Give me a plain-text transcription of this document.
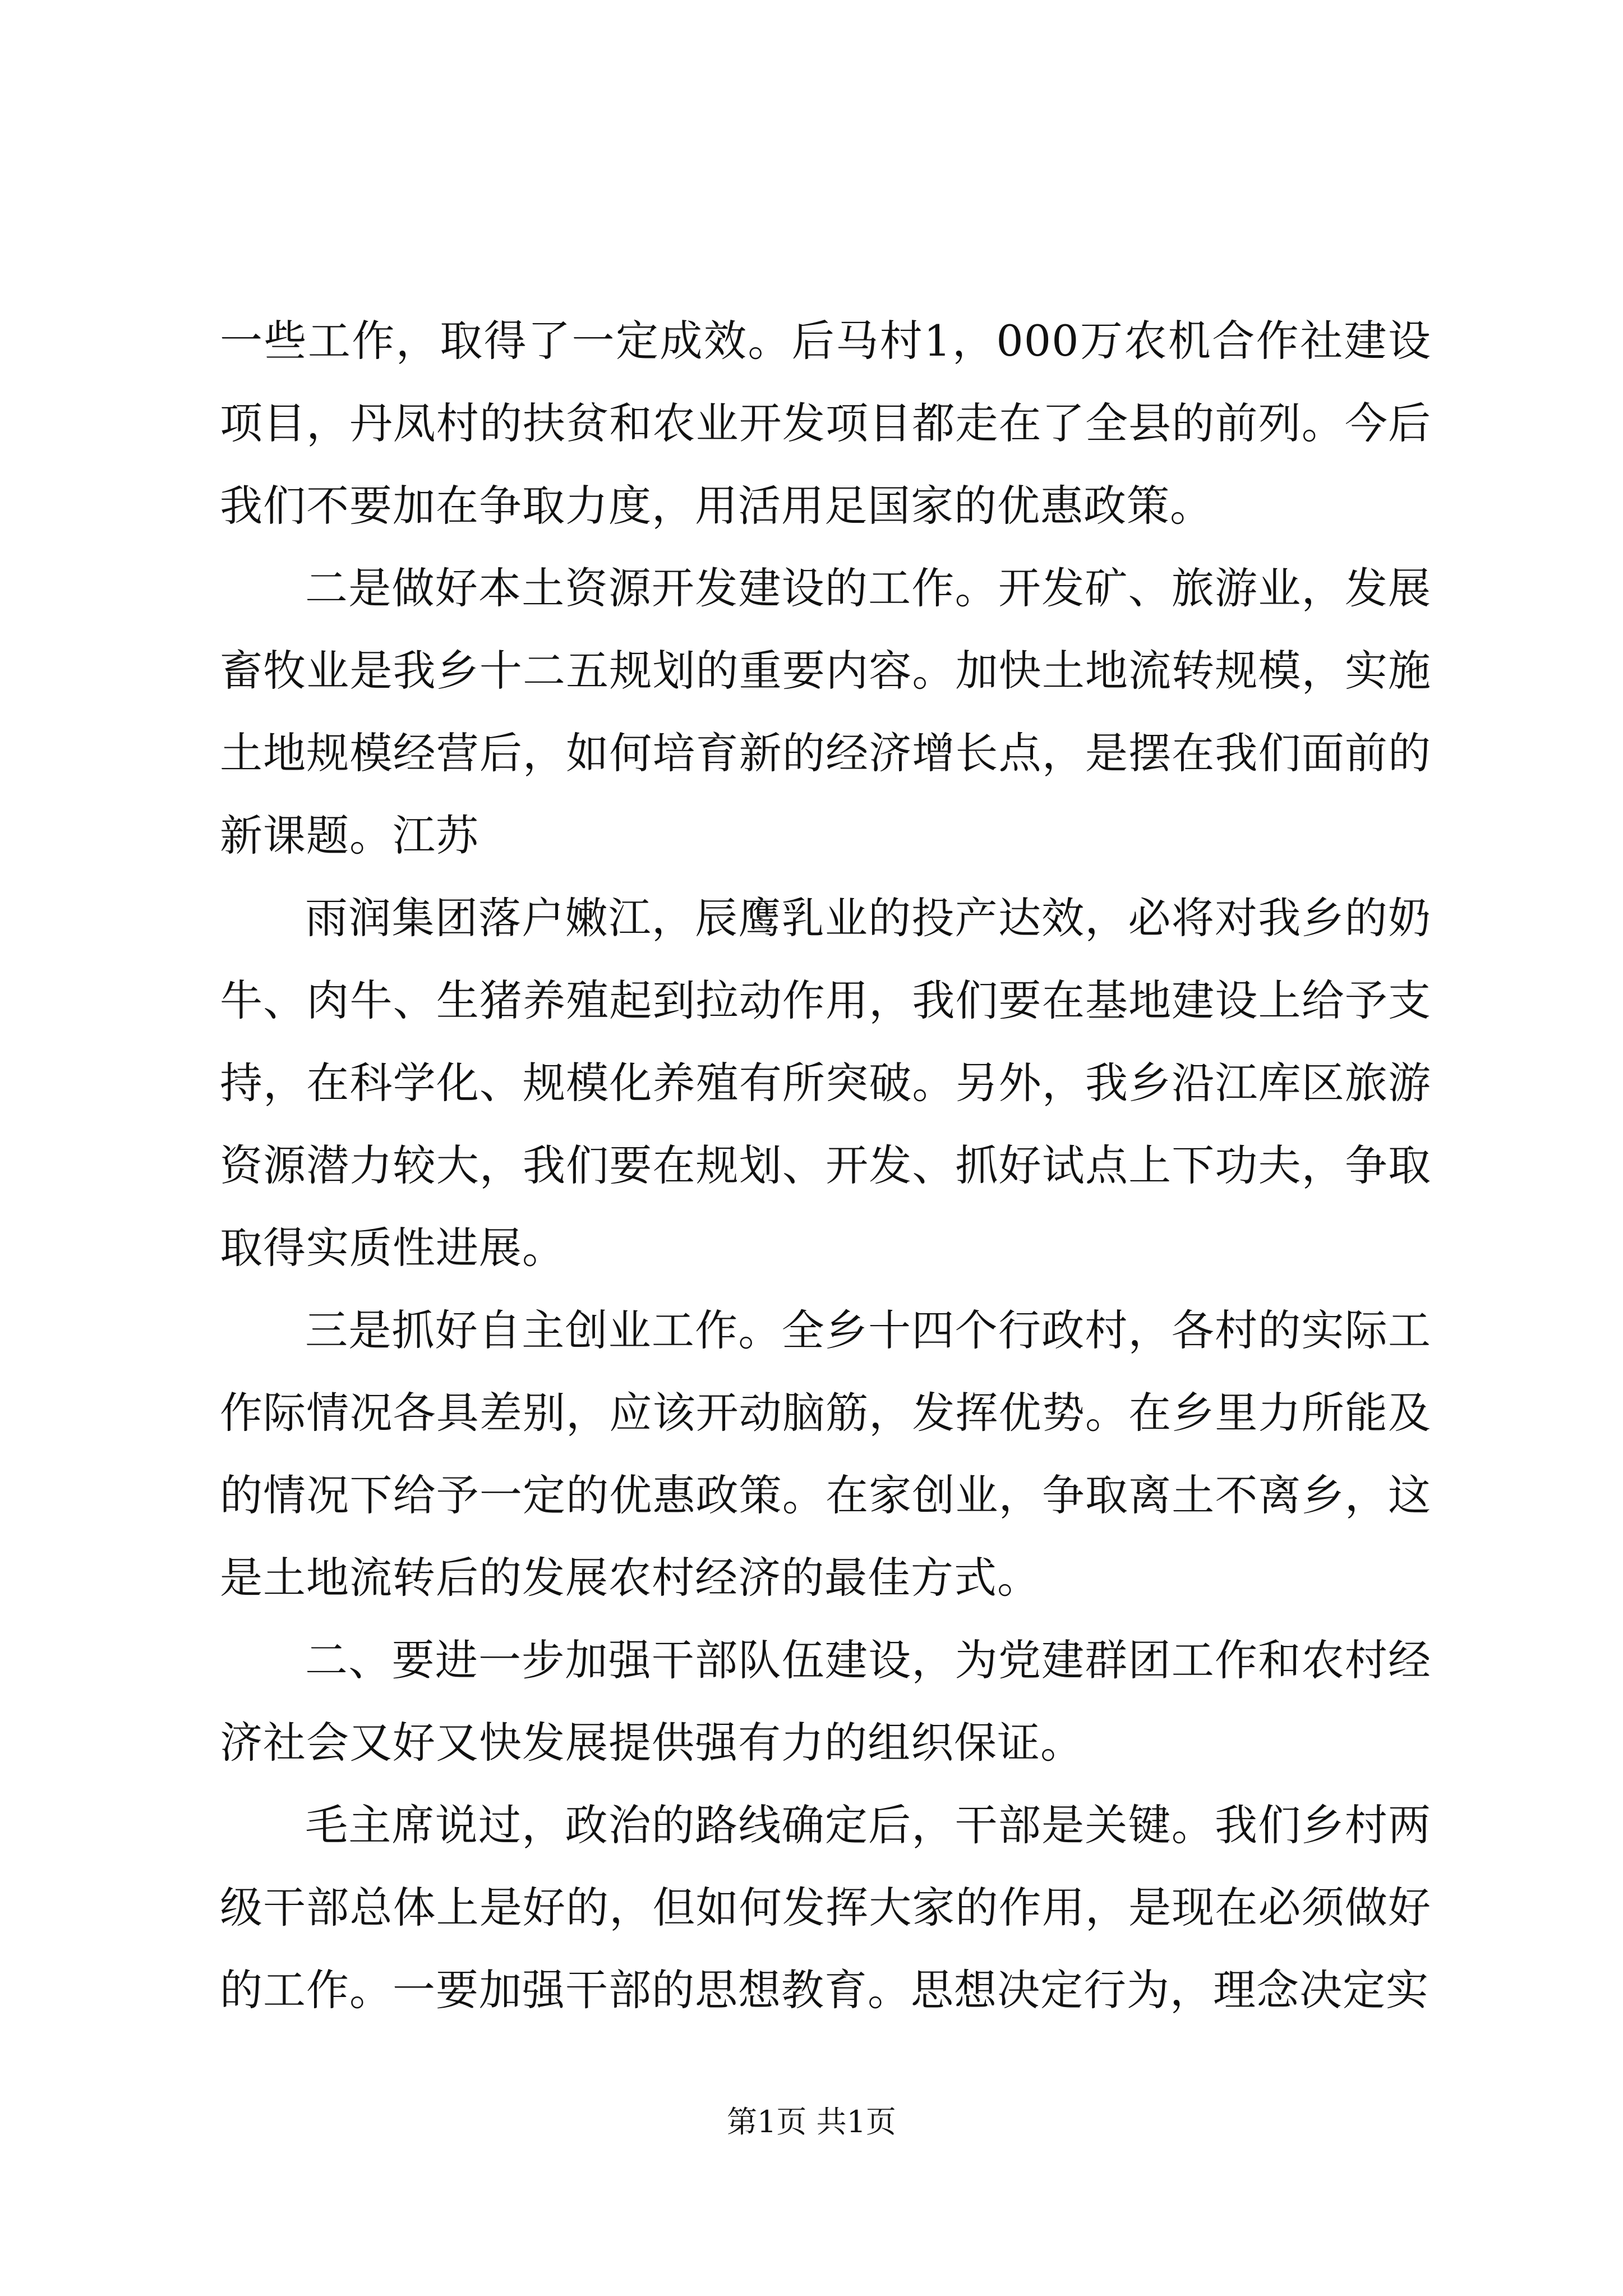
一些工作，取得了一定成效。后马村1，000万农机合作社建设项目，丹凤村的扶贫和农业开发项目都走在了全县的前列。今后我们不要加在争取力度，用活用足国家的优惠政策。

二是做好本土资源开发建设的工作。开发矿、旅游业，发展畜牧业是我乡十二五规划的重要内容。加快土地流转规模，实施土地规模经营后，如何培育新的经济增长点，是摆在我们面前的新课题。江苏

雨润集团落户嫩江，辰鹰乳业的投产达效，必将对我乡的奶牛、肉牛、生猪养殖起到拉动作用，我们要在基地建设上给予支持，在科学化、规模化养殖有所突破。另外，我乡沿江库区旅游资源潜力较大，我们要在规划、开发、抓好试点上下功夫，争取取得实质性进展。

三是抓好自主创业工作。全乡十四个行政村，各村的实际工作际情况各具差别，应该开动脑筋，发挥优势。在乡里力所能及的情况下给予一定的优惠政策。在家创业，争取离土不离乡，这是土地流转后的发展农村经济的最佳方式。

二、要进一步加强干部队伍建设，为党建群团工作和农村经济社会又好又快发展提供强有力的组织保证。

毛主席说过，政治的路线确定后，干部是关键。我们乡村两级干部总体上是好的，但如何发挥大家的作用，是现在必须做好的工作。一要加强干部的思想教育。思想决定行为，理念决定实

第1页 共1页
